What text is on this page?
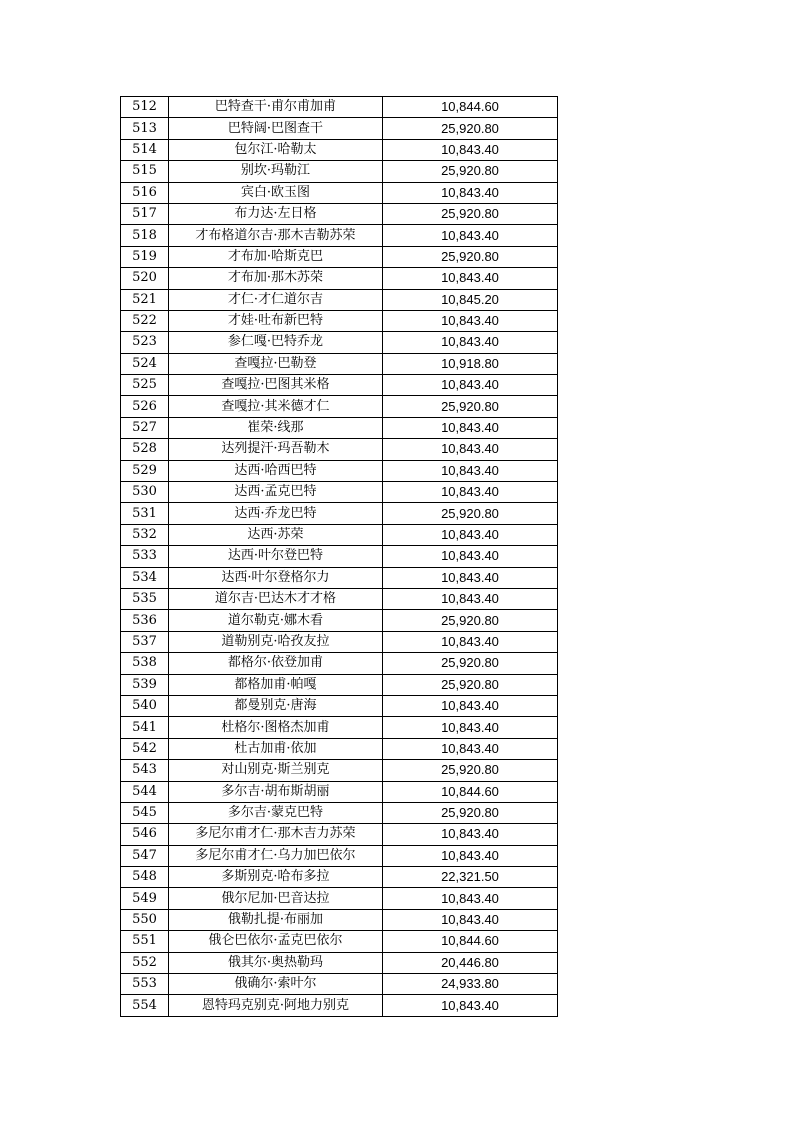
512	巴特查干·甫尔甫加甫	10,844.60
513	巴特阔·巴图查干	25,920.80
514	包尔江·哈勒太	10,843.40
515	别坎·玛勒江	25,920.80
516	宾白·欧玉图	10,843.40
517	布力达·左日格	25,920.80
518	才布格道尔吉·那木吉勒苏荣	10,843.40
519	才布加·哈斯克巴	25,920.80
520	才布加·那木苏荣	10,843.40
521	才仁·才仁道尔吉	10,845.20
522	才娃·吐布新巴特	10,843.40
523	参仁嘎·巴特乔龙	10,843.40
524	查嘎拉·巴勒登	10,918.80
525	查嘎拉·巴图其米格	10,843.40
526	查嘎拉·其米德才仁	25,920.80
527	崔荣·线那	10,843.40
528	达列提汗·玛吾勒木	10,843.40
529	达西·哈西巴特	10,843.40
530	达西·孟克巴特	10,843.40
531	达西·乔龙巴特	25,920.80
532	达西·苏荣	10,843.40
533	达西·叶尔登巴特	10,843.40
534	达西·叶尔登格尔力	10,843.40
535	道尔吉·巴达木才才格	10,843.40
536	道尔勒克·娜木看	25,920.80
537	道勒别克·哈孜友拉	10,843.40
538	都格尔·依登加甫	25,920.80
539	都格加甫·帕嘎	25,920.80
540	都曼别克·唐海	10,843.40
541	杜格尔·图格杰加甫	10,843.40
542	杜古加甫·依加	10,843.40
543	对山别克·斯兰别克	25,920.80
544	多尔吉·胡布斯胡丽	10,844.60
545	多尔吉·蒙克巴特	25,920.80
546	多尼尔甫才仁·那木吉力苏荣	10,843.40
547	多尼尔甫才仁·乌力加巴依尔	10,843.40
548	多斯别克·哈布多拉	22,321.50
549	俄尔尼加·巴音达拉	10,843.40
550	俄勒扎提·布丽加	10,843.40
551	俄仑巴依尔·孟克巴依尔	10,844.60
552	俄其尔·奥热勒玛	20,446.80
553	俄确尔·索叶尔	24,933.80
554	恩特玛克别克·阿地力别克	10,843.40
